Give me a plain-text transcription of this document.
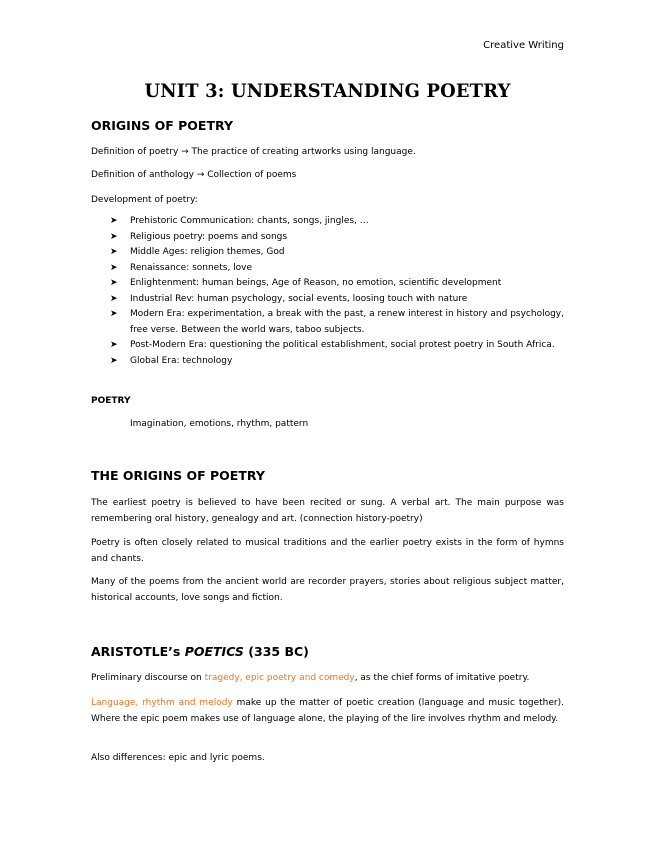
Creative Writing
UNIT 3: UNDERSTANDING POETRY
ORIGINS OF POETRY

Definition of poetry → The practice of creating artworks using language.

Definition of anthology → Collection of poems

Development of poetry:

➤	Prehistoric Communication: chants, songs, jingles, …
➤	Religious poetry: poems and songs
➤	Middle Ages: religion themes, God
➤	Renaissance: sonnets, love
➤	Enlightenment: human beings, Age of Reason, no emotion, scientific development
➤	Industrial Rev: human psychology, social events, loosing touch with nature
➤	Modern Era: experimentation, a break with the past, a renew interest in history and psychology, free verse. Between the world wars, taboo subjects.
➤	Post-Modern Era: questioning the political establishment, social protest poetry in South Africa.
➤	Global Era: technology
POETRY
Imagination, emotions, rhythm, pattern
THE ORIGINS OF POETRY

The earliest poetry is believed to have been recited or sung. A verbal art. The main purpose was remembering oral history, genealogy and art. (connection history-poetry)

Poetry is often closely related to musical traditions and the earlier poetry exists in the form of hymns and chants.

Many of the poems from the ancient world are recorder prayers, stories about religious subject matter, historical accounts, love songs and fiction.

ARISTOTLE’s POETICS (335 BC)

Preliminary discourse on tragedy, epic poetry and comedy, as the chief forms of imitative poetry.

Language, rhythm and melody make up the matter of poetic creation (language and music together). Where the epic poem makes use of language alone, the playing of the lire involves rhythm and melody.

Also differences: epic and lyric poems.
